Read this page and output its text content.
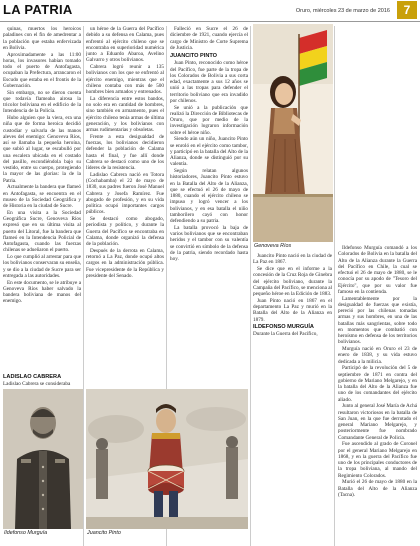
LA PATRIA	Oruro, miércoles 23 de marzo de 2016	7

quinas, muertos los heroicos paladines con el fin de amedrentar a la población que estaba enfervizada en Bolivia.

Aproximadamente a las 11:00 horas, los invasores habían tomado todo el puerto de Antofagasta, ocupaban la Prefectura, arrancaron el Escudo que estaba en el frontis de la Gobernación.

Sin embargo, no se dieron cuenta que todavía flameaba airosa la tricolor boliviana en el edificio de la Intendencia de la Policía.

Hubo alguien que la viera, era una niña que de forma heroica decidió custodiar y salvarla de las manos aleves del enemigo: Genoveva Ríos, así se llamaba la pequeña heroína, que subió al lugar, se escabulló por una escalera ubicada en el costado del pasillo, escondiéndola bajo su vestido, entre su cuerpo, protegiendo la mayor de las glorias: la de la Patria.

Actualmente la bandera que flameó en Antofagasta, se encuentra en el museo de la Sociedad Geográfica y de Historia en la ciudad de Sucre.

En una visita a la Sociedad Geográfica Sucre, Genoveva Ríos expresó que en su última visita al puerto del Litoral, fue la bandera que flameó en la Intendencia Policial de Antofagasta, cuando las fuerzas chilenas se adueñaron el puerto.

Lo que cumplió al arrestar para que los bolivianos conservaran su enseña, y se dio a la ciudad de Sucre para ser entregada a las autoridades.

En este documento, se le atribuye a Genoveva Ríos haber salvado la bandera boliviana de manos del enemigo.

LADISLAO CABRERA

Ladislao Cabrera se consideraba

un héroe de la Guerra del Pacífico debido a su defensa en Calama, pues enfrentó al ejército chileno que se encontraba en superioridad numérica junto a Eduardo Abaroa, Avelino Galvarro y otros bolivianos.

Cabrera logró reunir a 135 bolivianos con los que se enfrentó al ejército enemigo, mientras que el chileno contaba con más de 500 hombres bien armados y entrenados.

La diferencia entre estos bandos, no solo era en cantidad de hombres, sino también en armamento, pues el ejército chileno tenía armas de última generación, y los bolivianos con armas rudimentarias y obsoletas.

Frente a esta desigualdad de fuerzas, los bolivianos decidieron defender la población de Calama hasta el final, y fue allí donde Cabrera se destacó como uno de los líderes de la resistencia.

Ladislao Cabrera nació en Totora (Cochabamba) el 22 de mayo de 1830, sus padres fueron José Manuel Cabrera y Josefa Ramírez. Fue abogado de profesión, y en su vida política ocupó importantes cargos públicos.

Se destacó como abogado, periodista y político, y durante la Guerra del Pacífico se encontraba en Calama, donde organizó la defensa de la población.

Después de la derrota en Calama, retornó a La Paz, donde ocupó altos cargos en la administración pública. Fue vicepresidente de la República y presidente del Senado.

Falleció en Sucre el 26 de diciembre de 1921, cuando ejercía el cargo de Ministro de Corte Suprema de Justicia.

JUANCITO PINTO

Juan Pinto, reconocido como héroe del Pacífico, fue parte de la tropa de los Colorados de Bolivia a sus corta edad, exactamente a sus 12 años se unió a las tropas para defender el territorio boliviano que era invadido por chilenos.

Se unió a la publicación que realizó la Dirección de Bibliotecas de Oruro, que por medio de la investigación lograron información sobre el héroe niño.

Siendo aún un niño, Juancito Pinto se enroló en el ejército como tambor, y participó en la batalla del Alto de la Alianza, donde se distinguió por su valentía.

Según relatan algunos historiadores, Juancito Pinto estuvo en la Batalla del Alto de la Alianza, que se efectuó el 26 de mayo de 1880, cuando el ejército chileno se impuso y logró vencer a los bolivianos, y en esa batalla el niño tamborilero cayó con honor defendiendo a su patria.

La batalla provocó la baja de varios bolivianos que se encontraban heridos y el tambor con su valentía se convirtió en símbolo de la defensa de la patria, siendo recordado hasta hoy.

Genoveva Ríos

Juancito Pinto nació en la ciudad de La Paz en 1867.

Se dice que en el informe a la concesión de la Cruz Roja de Ginebra del ejército boliviano, durante la Campaña del Pacífico, se menciona al pequeño héroe en la Edición de 1883.

Juan Pinto nació en 1867 en el departamento La Paz y murió en la Batalla del Alto de la Alianza en 1879.

ILDEFONSO MURGUÍA

Durante la Guerra del Pacífico,

Ildefonso Murguía comandó a los Colorados de Bolivia en la batalla del Alto de la Alianza durante la Guerra del Pacífico en Chile, la cual se efectuó el 26 de mayo de 1880, se le conocía por su apodo de "Tesoro del Ejército", que por su valor fue famoso en la contienda.

Lamentablemente por la desigualdad de fuerzas que existía, pereció por las chilenas tomadas armas y sus hombres, en una de las batallas más sangrientas, sobre todo en momentos que combatió con heroísmo en defensa de los territorios bolivianos.

Murguía nació en Oruro el 23 de enero de 1838, y su vida estuvo dedicada a la milicia.

Participó de la revolución del 5 de septiembre de 1871 en contra del gobierno de Mariano Melgarejo, y en la batalla del Alto de la Alianza fue uno de los comandantes del ejército aliado.

Junto al general José María de Achá resultaron victoriosos en la batalla de San Juan, en la que fue derrotado el general Mariano Melgarejo, y posteriormente fue nombrado Comandante General de Policía.

Fue ascendido al grado de Coronel por el general Mariano Melgarejo en 1868, y en la guerra del Pacífico fue uno de los principales conductores de la tropa boliviana, al mando del Regimiento Colorados.

Murió el 26 de mayo de 1880 en la Batalla del Alto de la Alianza (Tacna).

Ildefonso Murguía	Juancito Pinto
